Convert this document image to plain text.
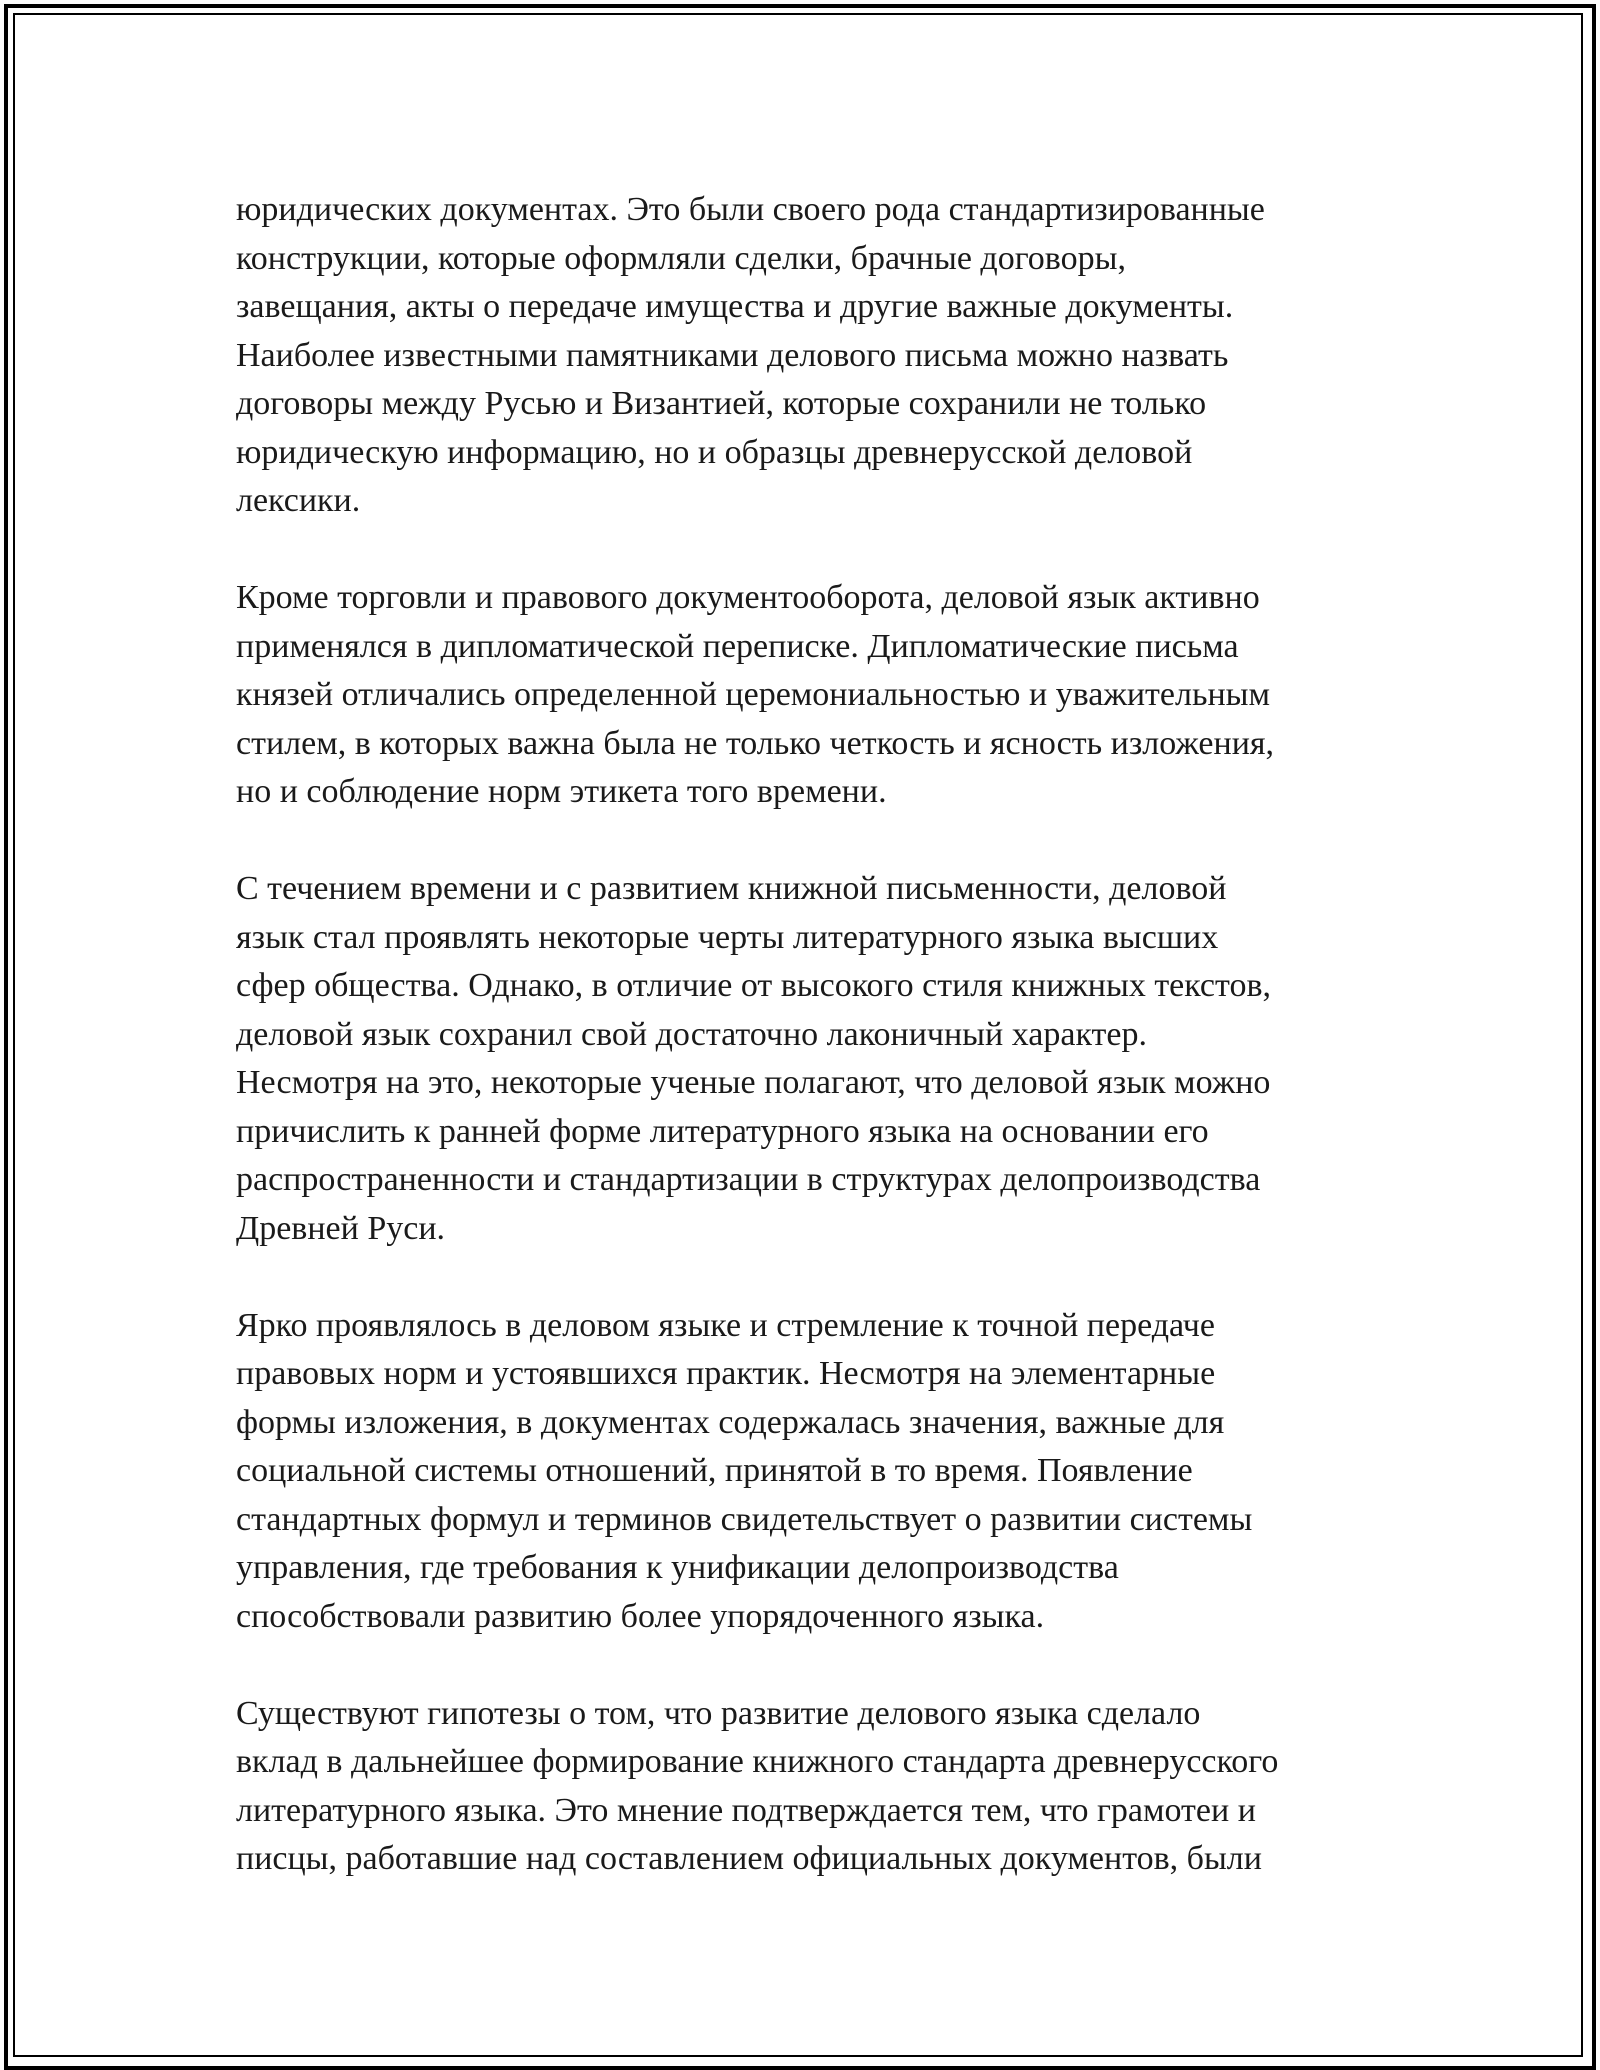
юридических документах. Это были своего рода стандартизированные
конструкции, которые оформляли сделки, брачные договоры,
завещания, акты о передаче имущества и другие важные документы.
Наиболее известными памятниками делового письма можно назвать
договоры между Русью и Византией, которые сохранили не только
юридическую информацию, но и образцы древнерусской деловой
лексики.

Кроме торговли и правового документооборота, деловой язык активно
применялся в дипломатической переписке. Дипломатические письма
князей отличались определенной церемониальностью и уважительным
стилем, в которых важна была не только четкость и ясность изложения,
но и соблюдение норм этикета того времени.

С течением времени и с развитием книжной письменности, деловой
язык стал проявлять некоторые черты литературного языка высших
сфер общества. Однако, в отличие от высокого стиля книжных текстов,
деловой язык сохранил свой достаточно лаконичный характер.
Несмотря на это, некоторые ученые полагают, что деловой язык можно
причислить к ранней форме литературного языка на основании его
распространенности и стандартизации в структурах делопроизводства
Древней Руси.

Ярко проявлялось в деловом языке и стремление к точной передаче
правовых норм и устоявшихся практик. Несмотря на элементарные
формы изложения, в документах содержалась значения, важные для
социальной системы отношений, принятой в то время. Появление
стандартных формул и терминов свидетельствует о развитии системы
управления, где требования к унификации делопроизводства
способствовали развитию более упорядоченного языка.

Существуют гипотезы о том, что развитие делового языка сделало
вклад в дальнейшее формирование книжного стандарта древнерусского
литературного языка. Это мнение подтверждается тем, что грамотеи и
писцы, работавшие над составлением официальных документов, были
